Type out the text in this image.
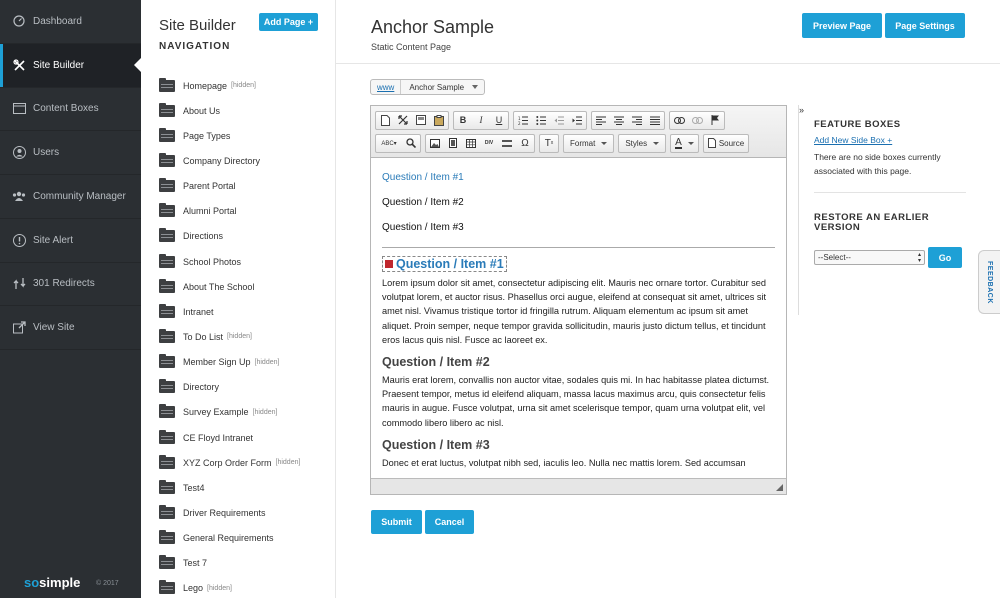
Dashboard
Site Builder
Content Boxes
Users
Community Manager
Site Alert
301 Redirects
View Site
sosimple © 2017
Site Builder	Add Page +
NAVIGATION
Homepage [hidden]
About Us
Page Types
Company Directory
Parent Portal
Alumni Portal
Directions
School Photos
About The School
Intranet
To Do List [hidden]
Member Sign Up [hidden]
Directory
Survey Example [hidden]
CE Floyd Intranet
XYZ Corp Order Form [hidden]
Test4
Driver Requirements
General Requirements
Test 7
Lego [hidden]
Anchor Sample
Static Content Page
Preview Page	Page Settings
www	Anchor Sample
B	I	U	1
2
ABC▾	DIV	Ω	T x Format	Styles	A	Source
Question / Item #1
Question / Item #2
Question / Item #3
Question / Item #1

Lorem ipsum dolor sit amet, consectetur adipiscing elit. Mauris nec ornare tortor. Curabitur sed volutpat lorem, et auctor risus. Phasellus orci augue, eleifend at consequat sit amet, ultrices sit amet nisl. Vivamus tristique tortor id fringilla rutrum. Aliquam elementum ac ipsum sit amet aliquet. Proin semper, neque tempor gravida sollicitudin, mauris justo dictum tellus, et tincidunt eros lacus quis nisl. Fusce ac laoreet ex.

Question / Item #2

Mauris erat lorem, convallis non auctor vitae, sodales quis mi. In hac habitasse platea dictumst. Praesent tempor, metus id eleifend aliquam, massa lacus maximus arcu, quis consectetur felis mauris in augue. Fusce volutpat, urna sit amet scelerisque tempor, quam urna volutpat elit, vel commodo libero libero ac nisl.

Question / Item #3

Donec et erat luctus, volutpat nibh sed, iaculis leo. Nulla nec mattis lorem. Sed accumsan

Submit	Cancel
»
FEATURE BOXES
Add New Side Box +
There are no side boxes currently associated with this page.
RESTORE AN EARLIER VERSION
--Select--	▴
▾	Go
FEEDBACK
